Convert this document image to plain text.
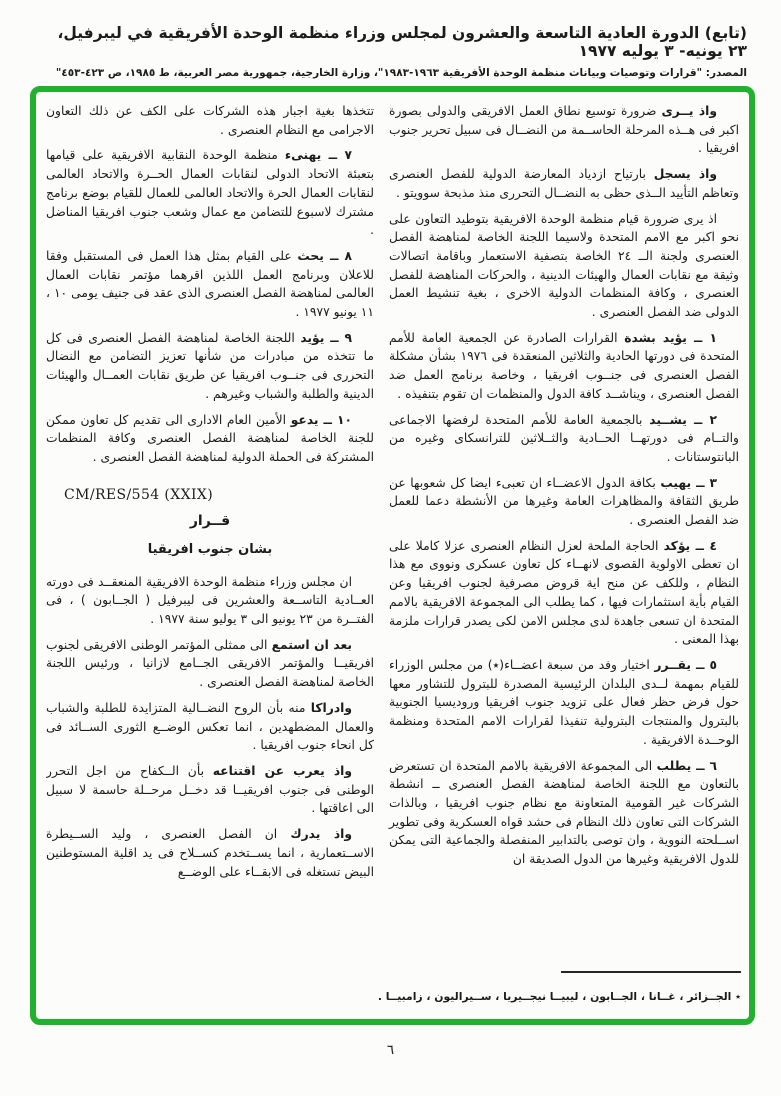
(تابع) الدورة العادية التاسعة والعشرون لمجلس وزراء منظمة الوحدة الأفريقية في ليبرفيل، ٢٣ يونيه- ٣ يوليه ١٩٧٧
المصدر: "قرارات وتوصيات وبيانات منظمة الوحدة الأفريقية ١٩٦٣-١٩٨٣"، وزارة الخارجية، جمهورية مصر العربية، ط ١٩٨٥، ص ٤٢٣-٤٥٣"

واذ يــرى ضرورة توسيع نطاق العمل الافريقى والدولى بصورة اكبر فى هــذه المرحلة الحاســمة من النضــال فى سبيل تحرير جنوب افريقيا .

واذ يسجل بارتياح ازدياد المعارضة الدولية للفصل العنصرى وتعاظم التأييد الــذى حظى به النضــال التحررى منذ مذبحة سوويتو .

اذ يرى ضرورة قيام منظمة الوحدة الافريقية بتوطيد التعاون على نحو اكبر مع الامم المتحدة ولاسيما اللجنة الخاصة لمناهضة الفصل العنصرى ولجنة الــ ٢٤ الخاصة بتصفية الاستعمار وباقامة اتصالات وثيقة مع نقابات العمال والهيئات الدينية ، والحركات المناهضة للفصل العنصرى ، وكافة المنظمات الدولية الاخرى ، بغية تنشيط العمل الدولى ضد الفصل العنصرى .

١ ــ يؤيد بشدة القرارات الصادرة عن الجمعية العامة للأمم المتحدة فى دورتها الحادية والثلاثين المنعقدة فى ١٩٧٦ بشأن مشكلة الفصل العنصرى فى جنــوب افريقيا ، وخاصة برنامج العمل ضد الفصل العنصرى ، ويناشــد كافة الدول والمنظمات ان تقوم بتنفيذه .

٢ ــ يشــيد بالجمعية العامة للأمم المتحدة لرفضها الاجماعى والتــام فى دورتهــا الحــادية والثــلاثين للترانسكاى وغيره من البانتوستانات .

٣ ــ يهيب بكافة الدول الاعضــاء ان تعبىء ايضا كل شعوبها عن طريق الثقافة والمظاهرات العامة وغيرها من الأنشطة دعما للعمل ضد الفصل العنصرى .

٤ ــ يؤكد الحاجة الملحة لعزل النظام العنصرى عزلا كاملا على ان تعطى الاولوية القصوى لانهــاء كل تعاون عسكرى ونووى مع هذا النظام ، وللكف عن منح اية قروض مصرفية لجنوب افريقيا وعن القيام بأية استثمارات فيها ، كما يطلب الى المجموعة الافريقية بالامم المتحدة ان تسعى جاهدة لدى مجلس الامن لكى يصدر قرارات ملزمة بهذا المعنى .

٥ ــ يقــرر اختيار وفد من سبعة اعضــاء(٭) من مجلس الوزراء للقيام بمهمة لــدى البلدان الرئيسية المصدرة للبترول للتشاور معها حول فرض حظر فعال على تزويد جنوب افريقيا وروديسيا الجنوبية بالبترول والمنتجات البترولية تنفيذا لقرارات الامم المتحدة ومنظمة الوحــدة الافريقية .

٦ ــ يطلب الى المجموعة الافريقية بالامم المتحدة ان تستعرض بالتعاون مع اللجنة الخاصة لمناهضة الفصل العنصرى ــ انشطة الشركات غير القومية المتعاونة مع نظام جنوب افريقيا ، وبالذات الشركات التى تعاون ذلك النظام فى حشد قواه العسكرية وفى تطوير اســلحته النووية ، وان توصى بالتدابير المنفصلة والجماعية التى يمكن للدول الافريقية وغيرها من الدول الصديقة ان

تتخذها بغية اجبار هذه الشركات على الكف عن ذلك التعاون الاجرامى مع النظام العنصرى .

٧ ــ يهنىء منظمة الوحدة النقابية الافريقية على قيامها بتعبئة الاتحاد الدولى لنقابات العمال الحــرة والاتحاد العالمى لنقابات العمال الحرة والاتحاد العالمى للعمال للقيام بوضع برنامج مشترك لاسبوع للتضامن مع عمال وشعب جنوب افريقيا المناضل .

٨ ــ يحث على القيام بمثل هذا العمل فى المستقبل وفقا للاعلان وبرنامج العمل اللذين اقرهما مؤتمر نقابات العمال العالمى لمناهضة الفصل العنصرى الذى عقد فى جنيف يومى ١٠ ، ١١ يونيو ١٩٧٧ .

٩ ــ يؤيد اللجنة الخاصة لمناهضة الفصل العنصرى فى كل ما تتخذه من مبادرات من شأنها تعزيز التضامن مع النضال التحررى فى جنــوب افريقيا عن طريق نقابات العمــال والهيئات الدينية والطلبة والشباب وغيرهم .

١٠ ــ يدعو الأمين العام الادارى الى تقديم كل تعاون ممكن للجنة الخاصة لمناهضة الفصل العنصرى وكافة المنظمات المشتركة فى الحملة الدولية لمناهضة الفصل العنصرى .

CM/RES/554 (XXIX)
قــرار
بشان جنوب افريقيا

ان مجلس وزراء منظمة الوحدة الافريقية المنعقــد فى دورته العــادية التاســعة والعشرين فى ليبرفيل ( الجــابون ) ، فى الفتــرة من ٢٣ يونيو الى ٣ يوليو سنة ١٩٧٧ .

بعد ان استمع الى ممثلى المؤتمر الوطنى الافريقى لجنوب افريقيــا والمؤتمر الافريقى الجــامع لازانيا ، ورئيس اللجنة الخاصة لمناهضة الفصل العنصرى .

وادراكا منه بأن الروح النضــالية المتزايدة للطلبة والشباب والعمال المضطهدين ، انما تعكس الوضــع الثورى الســائد فى كل انحاء جنوب افريقيا .

واذ يعرب عن اقتناعه بأن الــكفاح من اجل التحرر الوطنى فى جنوب افريقيــا قد دخــل مرحــلة حاسمة لا سبيل الى اعاقتها .

واذ يدرك ان الفصل العنصرى ، وليد الســيطرة الاســتعمارية ، انما يســتخدم كســلاح فى يد اقلية المستوطنين البيض تستغله فى الابقــاء على الوضــع

٭ الجــزائر ، غــانا ، الجــابون ، ليبيــا نيجــيريا ، ســيراليون ، زامبيــا .
٦
